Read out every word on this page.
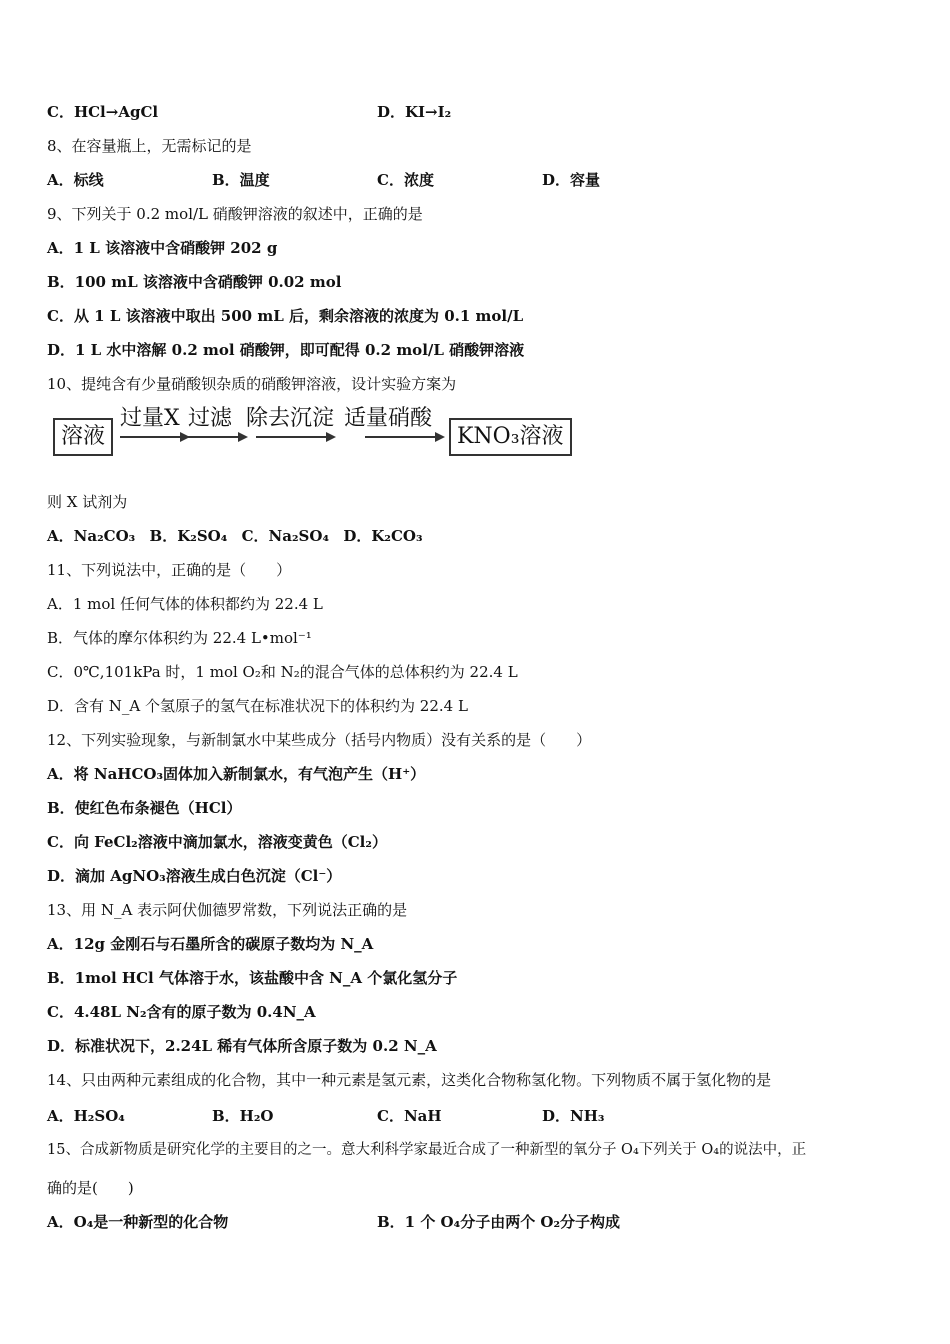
C．HCl→AgCl	D．KI→I₂
8、在容量瓶上，无需标记的是
A．标线	B．温度	C．浓度	D．容量
9、下列关于 0.2 mol/L 硝酸钾溶液的叙述中，正确的是
A．1 L 该溶液中含硝酸钾 202 g
B．100 mL 该溶液中含硝酸钾 0.02 mol
C．从 1 L 该溶液中取出 500 mL 后，剩余溶液的浓度为 0.1 mol/L
D．1 L 水中溶解 0.2 mol 硝酸钾，即可配得 0.2 mol/L 硝酸钾溶液
10、提纯含有少量硝酸钡杂质的硝酸钾溶液，设计实验方案为
溶液
过量X 过滤 除去沉淀 适量硝酸
KNO₃溶液
则 X 试剂为
A．Na₂CO₃ B．K₂SO₄ C．Na₂SO₄ D．K₂CO₃
11、下列说法中，正确的是（　　）
A．1 mol 任何气体的体积都约为 22.4 L
B．气体的摩尔体积约为 22.4 L•mol⁻¹
C．0℃,101kPa 时，1 mol O₂和 N₂的混合气体的总体积约为 22.4 L
D．含有 N_A 个氢原子的氢气在标准状况下的体积约为 22.4 L
12、下列实验现象，与新制氯水中某些成分（括号内物质）没有关系的是（　　）
A．将 NaHCO₃固体加入新制氯水，有气泡产生（H⁺）
B．使红色布条褪色（HCl）
C．向 FeCl₂溶液中滴加氯水，溶液变黄色（Cl₂）
D．滴加 AgNO₃溶液生成白色沉淀（Cl⁻）
13、用 N_A 表示阿伏伽德罗常数，下列说法正确的是
A．12g 金刚石与石墨所含的碳原子数均为 N_A
B．1mol HCl 气体溶于水，该盐酸中含 N_A 个氯化氢分子
C．4.48L N₂含有的原子数为 0.4N_A
D．标准状况下，2.24L 稀有气体所含原子数为 0.2 N_A
14、只由两种元素组成的化合物，其中一种元素是氢元素，这类化合物称氢化物。下列物质不属于氢化物的是
A．H₂SO₄	B．H₂O	C．NaH	D．NH₃
15、合成新物质是研究化学的主要目的之一。意大利科学家最近合成了一种新型的氧分子 O₄下列关于 O₄的说法中，正
确的是(　　)
A．O₄是一种新型的化合物	B．1 个 O₄分子由两个 O₂分子构成
